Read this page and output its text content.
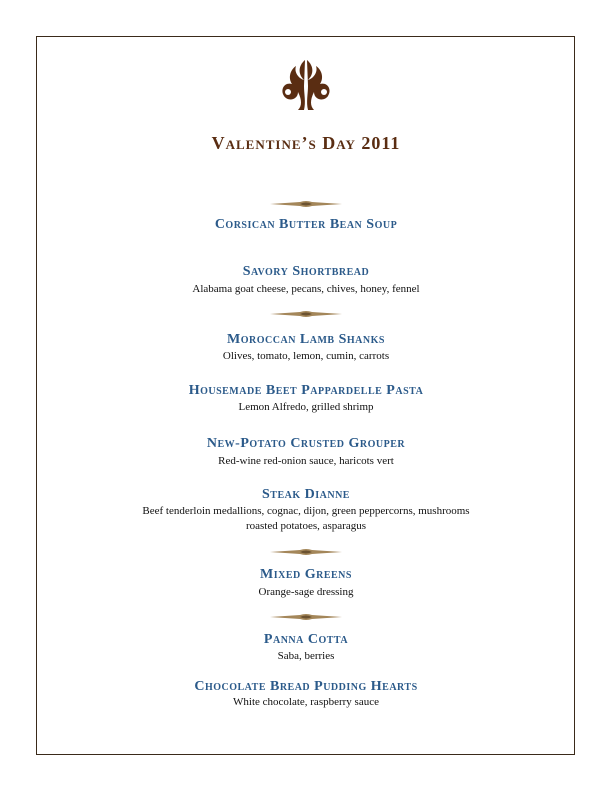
Valentine’s Day 2011
Corsican Butter Bean Soup
Savory Shortbread
Alabama goat cheese, pecans, chives, honey, fennel
Moroccan Lamb Shanks
Olives, tomato, lemon, cumin, carrots
Housemade Beet Pappardelle Pasta
Lemon Alfredo, grilled shrimp
New-Potato Crusted Grouper
Red-wine red-onion sauce, haricots vert
Steak Dianne
Beef tenderloin medallions, cognac, dijon, green peppercorns, mushrooms
roasted potatoes, asparagus
Mixed Greens
Orange-sage dressing
Panna Cotta
Saba, berries
Chocolate Bread Pudding Hearts
White chocolate, raspberry sauce
